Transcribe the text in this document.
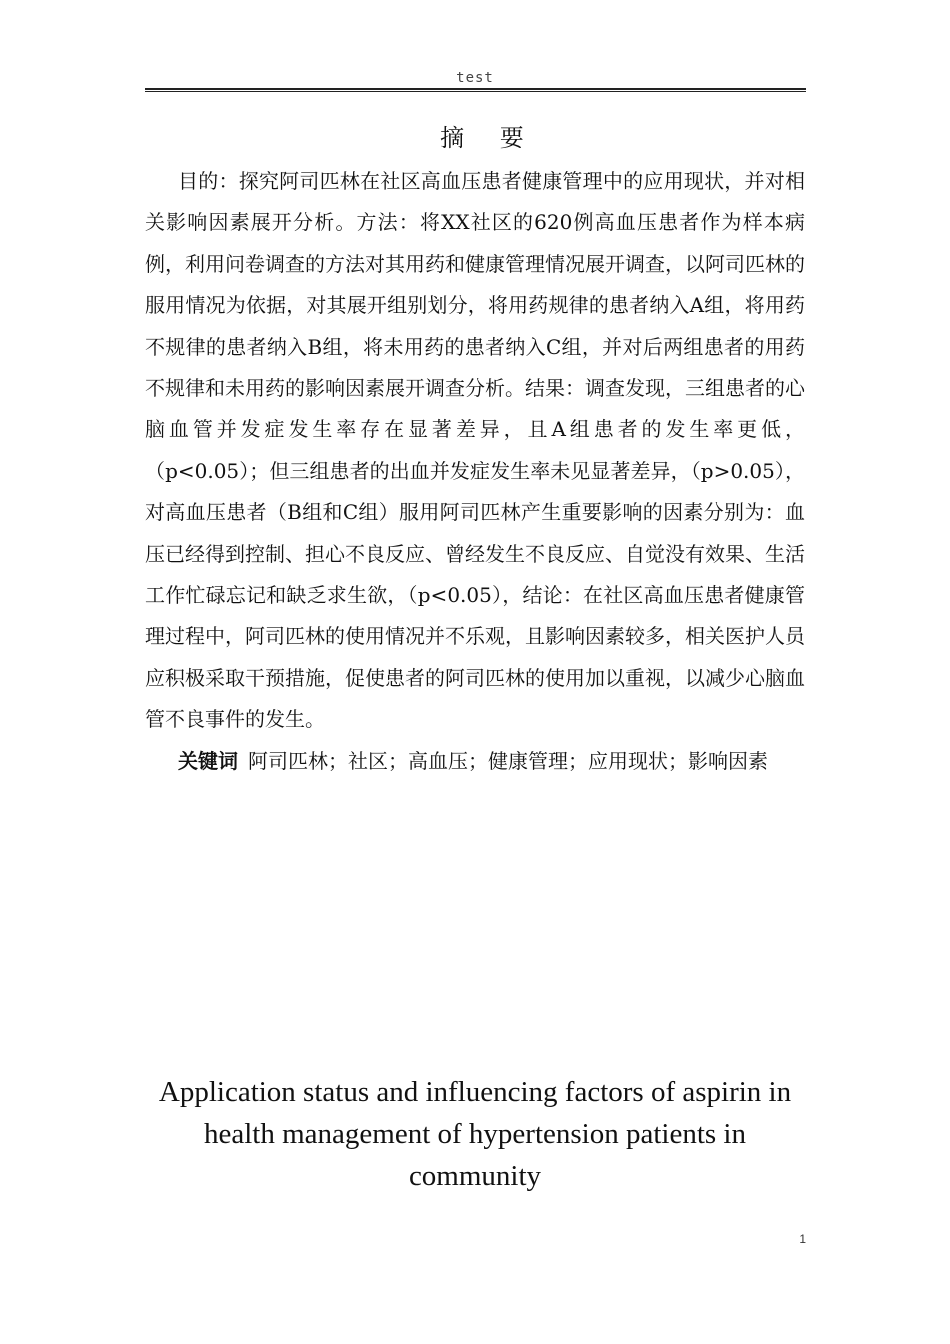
test
摘 要

目的：探究阿司匹林在社区高血压患者健康管理中的应用现状，并对相关影响因素展开分析。方法：将XX社区的620例高血压患者作为样本病例，利用问卷调查的方法对其用药和健康管理情况展开调查，以阿司匹林的服用情况为依据，对其展开组别划分，将用药规律的患者纳入A组，将用药不规律的患者纳入B组，将未用药的患者纳入C组，并对后两组患者的用药不规律和未用药的影响因素展开调查分析。结果：调查发现，三组患者的心脑血管并发症发生率存在显著差异，且A组患者的发生率更低，（p<0.05）；但三组患者的出血并发症发生率未见显著差异，（p>0.05），对高血压患者（B组和C组）服用阿司匹林产生重要影响的因素分别为：血压已经得到控制、担心不良反应、曾经发生不良反应、自觉没有效果、生活工作忙碌忘记和缺乏求生欲，（p<0.05），结论：在社区高血压患者健康管理过程中，阿司匹林的使用情况并不乐观，且影响因素较多，相关医护人员应积极采取干预措施，促使患者的阿司匹林的使用加以重视，以减少心脑血管不良事件的发生。

关键词 阿司匹林；社区；高血压；健康管理；应用现状；影响因素

Application status and influencing factors of aspirin in health management of hypertension patients in community
1
